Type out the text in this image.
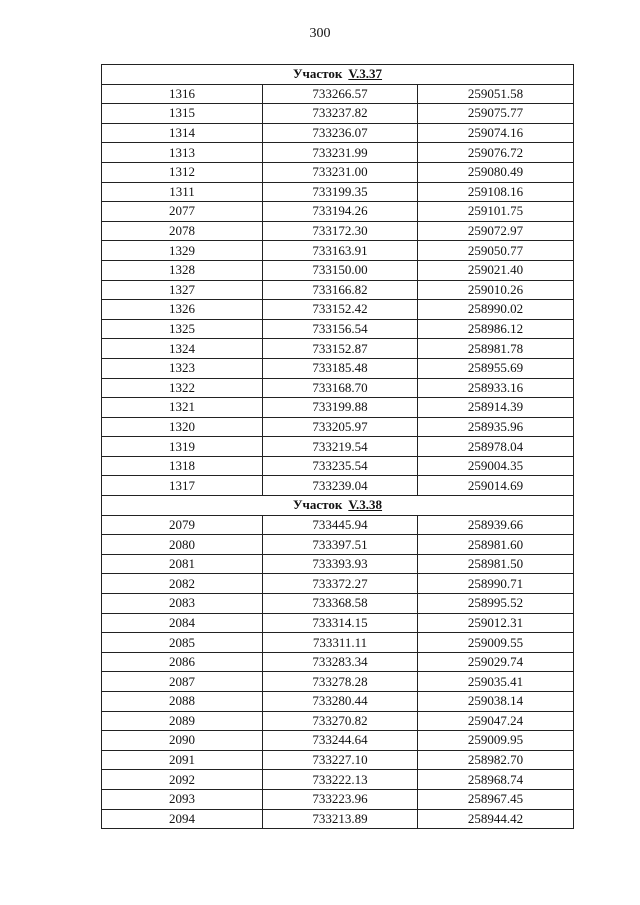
300
Участок V.3.37		
1316	733266.57	259051.58
1315	733237.82	259075.77
1314	733236.07	259074.16
1313	733231.99	259076.72
1312	733231.00	259080.49
1311	733199.35	259108.16
2077	733194.26	259101.75
2078	733172.30	259072.97
1329	733163.91	259050.77
1328	733150.00	259021.40
1327	733166.82	259010.26
1326	733152.42	258990.02
1325	733156.54	258986.12
1324	733152.87	258981.78
1323	733185.48	258955.69
1322	733168.70	258933.16
1321	733199.88	258914.39
1320	733205.97	258935.96
1319	733219.54	258978.04
1318	733235.54	259004.35
1317	733239.04	259014.69
Участок V.3.38		
2079	733445.94	258939.66
2080	733397.51	258981.60
2081	733393.93	258981.50
2082	733372.27	258990.71
2083	733368.58	258995.52
2084	733314.15	259012.31
2085	733311.11	259009.55
2086	733283.34	259029.74
2087	733278.28	259035.41
2088	733280.44	259038.14
2089	733270.82	259047.24
2090	733244.64	259009.95
2091	733227.10	258982.70
2092	733222.13	258968.74
2093	733223.96	258967.45
2094	733213.89	258944.42
